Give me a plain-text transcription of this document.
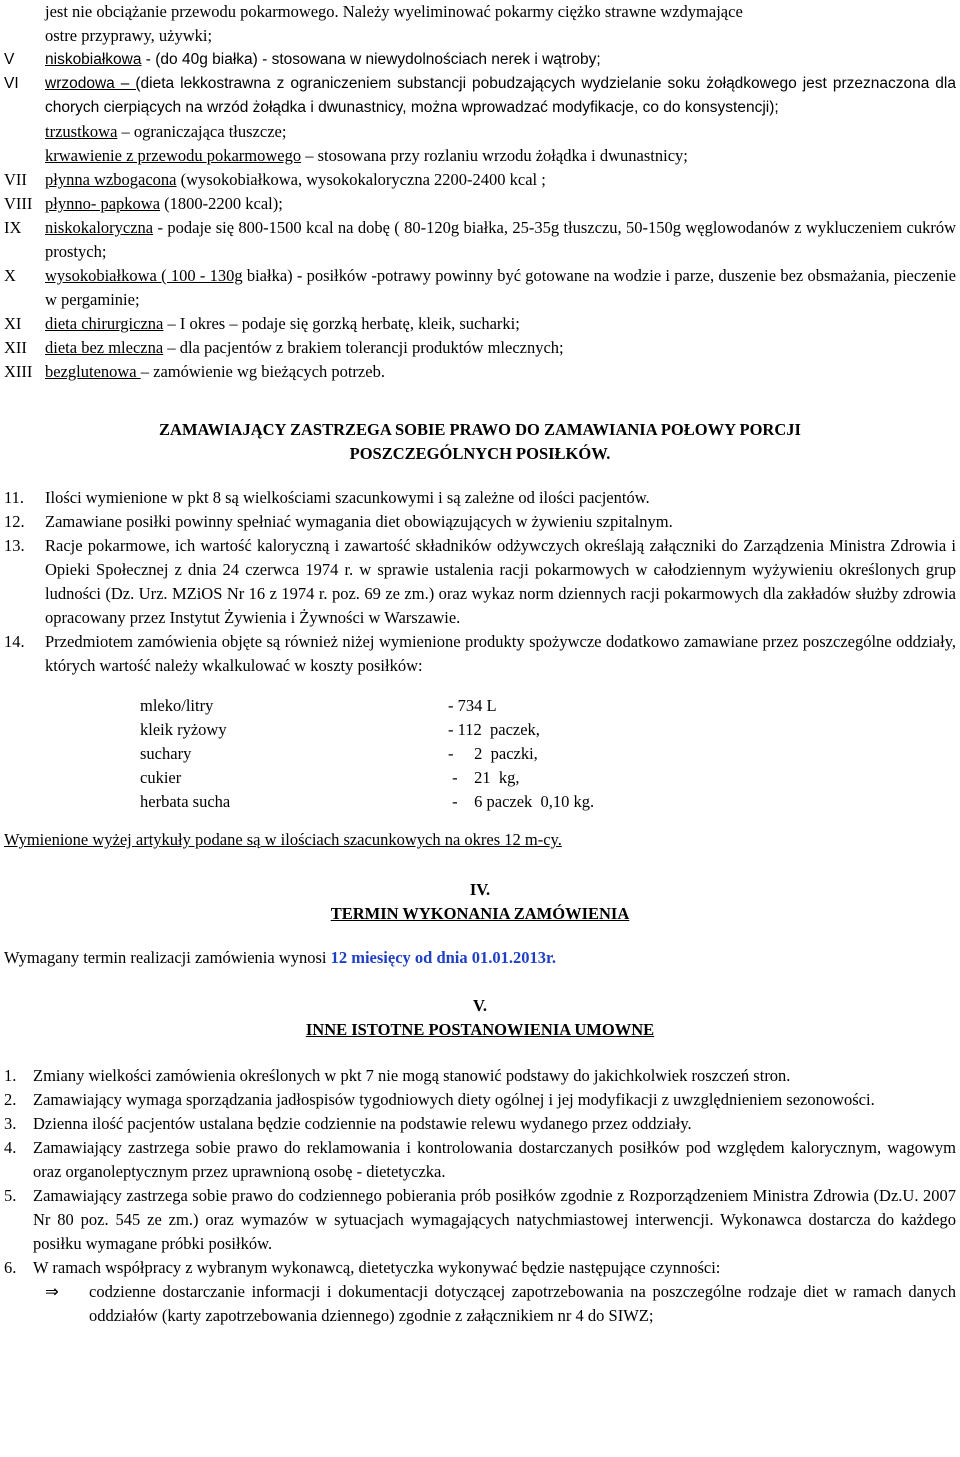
jest nie obciążanie przewodu pokarmowego. Należy wyeliminować pokarmy ciężko strawne wzdymające
ostre przyprawy, używki;
V	niskobiałkowa - (do 40g białka) - stosowana w niewydolnościach nerek i wątroby;
VI	wrzodowa – (dieta lekkostrawna z ograniczeniem substancji pobudzających wydzielanie soku żołądkowego jest przeznaczona dla chorych cierpiących na wrzód żołądka i dwunastnicy, można wprowadzać modyfikacje, co do konsystencji);
trzustkowa – ograniczająca tłuszcze;
krwawienie z przewodu pokarmowego – stosowana przy rozlaniu wrzodu żołądka i dwunastnicy;
VII	płynna wzbogacona (wysokobiałkowa, wysokokaloryczna 2200-2400 kcal ;
VIII płynno- papkowa (1800-2200 kcal);
IX	niskokaloryczna - podaje się 800-1500 kcal na dobę ( 80-120g białka, 25-35g tłuszczu, 50-150g węglowodanów z wykluczeniem cukrów prostych;
X	wysokobiałkowa ( 100 - 130g białka) - posiłków -potrawy powinny być gotowane na wodzie i parze, duszenie bez obsmażania, pieczenie w pergaminie;
XI	dieta chirurgiczna – I okres – podaje się gorzką herbatę, kleik, sucharki;
XII	dieta bez mleczna – dla pacjentów z brakiem tolerancji produktów mlecznych;
XIII bezglutenowa – zamówienie wg bieżących potrzeb.
ZAMAWIAJĄCY ZASTRZEGA SOBIE PRAWO DO ZAMAWIANIA POŁOWY PORCJI
POSZCZEGÓLNYCH POSIŁKÓW.
11.	Ilości wymienione w pkt 8 są wielkościami szacunkowymi i są zależne od ilości pacjentów.
12.	Zamawiane posiłki powinny spełniać wymagania diet obowiązujących w żywieniu szpitalnym.
13.	Racje pokarmowe, ich wartość kaloryczną i zawartość składników odżywczych określają załączniki do Zarządzenia Ministra Zdrowia i Opieki Społecznej z dnia 24 czerwca 1974 r. w sprawie ustalenia racji pokarmowych w całodziennym wyżywieniu określonych grup ludności (Dz. Urz. MZiOS Nr 16 z 1974 r. poz. 69 ze zm.) oraz wykaz norm dziennych racji pokarmowych dla zakładów służby zdrowia opracowany przez Instytut Żywienia i Żywności w Warszawie.
14.	Przedmiotem zamówienia objęte są również niżej wymienione produkty spożywcze dodatkowo zamawiane przez poszczególne oddziały, których wartość należy wkalkulować w koszty posiłków:
mleko/litry	- 734 L
kleik ryżowy	- 112  paczek,
suchary	-     2  paczki,
cukier	-    21  kg,
herbata sucha	-    6 paczek  0,10 kg.
Wymienione wyżej artykuły podane są w ilościach szacunkowych na okres 12 m-cy.
IV.
TERMIN WYKONANIA ZAMÓWIENIA
Wymagany termin realizacji zamówienia wynosi 12 miesięcy od dnia 01.01.2013r.
V.
INNE ISTOTNE POSTANOWIENIA UMOWNE
1.	Zmiany wielkości zamówienia określonych w pkt 7 nie mogą stanowić podstawy do jakichkolwiek roszczeń stron.
2.	Zamawiający wymaga sporządzania jadłospisów tygodniowych diety ogólnej i jej modyfikacji z uwzględnieniem sezonowości.
3.	Dzienna ilość pacjentów ustalana będzie codziennie na podstawie relewu wydanego przez oddziały.
4.	Zamawiający zastrzega sobie prawo do reklamowania i kontrolowania dostarczanych posiłków pod względem kalorycznym, wagowym oraz organoleptycznym przez uprawnioną osobę - dietetyczka.
5.	Zamawiający zastrzega sobie prawo do codziennego pobierania prób posiłków zgodnie z Rozporządzeniem Ministra Zdrowia (Dz.U. 2007 Nr 80 poz. 545 ze zm.) oraz wymazów w sytuacjach wymagających natychmiastowej interwencji. Wykonawca dostarcza do każdego posiłku wymagane próbki posiłków.
6.	W ramach współpracy z wybranym wykonawcą, dietetyczka wykonywać będzie następujące czynności:
⇒	codzienne dostarczanie informacji i dokumentacji dotyczącej zapotrzebowania na poszczególne rodzaje diet w ramach danych oddziałów (karty zapotrzebowania dziennego) zgodnie z załącznikiem nr 4 do SIWZ;
